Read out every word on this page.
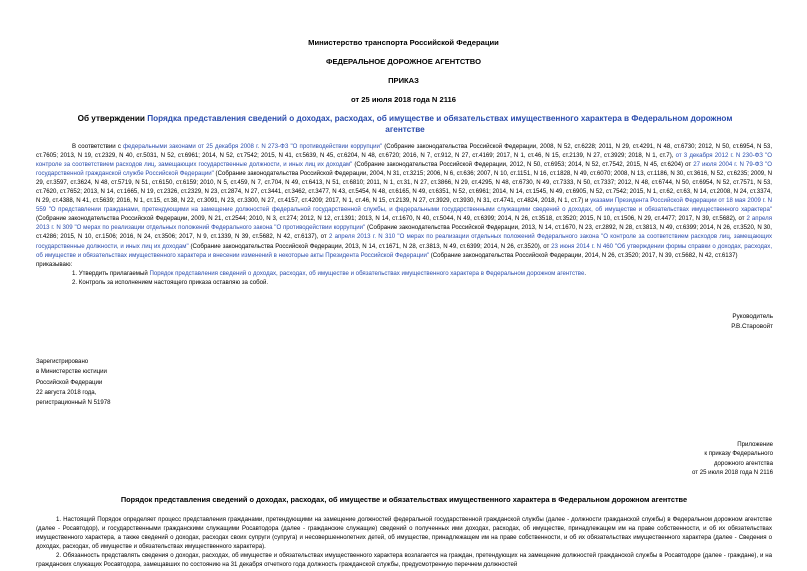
Министерство транспорта Российской Федерации
ФЕДЕРАЛЬНОЕ ДОРОЖНОЕ АГЕНТСТВО
ПРИКАЗ
от 25 июля 2018 года N 2116
Об утверждении Порядка представления сведений о доходах, расходах, об имуществе и обязательствах имущественного характера в Федеральном дорожном агентстве

В соответствии с федеральными законами от 25 декабря 2008 г. N 273-ФЗ "О противодействии коррупции" (Собрание законодательства Российской Федерации, 2008, N 52, ст.6228; 2011, N 29, ст.4291, N 48, ст.6730; 2012, N 50, ст.6954, N 53, ст.7605; 2013, N 19, ст.2329, N 40, ст.5031, N 52, ст.6961; 2014, N 52, ст.7542; 2015, N 41, ст.5639, N 45, ст.6204, N 48, ст.6720; 2016, N 7, ст.912, N 27, ст.4169; 2017, N 1, ст.46, N 15, ст.2139, N 27, ст.3929; 2018, N 1, ст.7), от 3 декабря 2012 г. N 230-ФЗ "О контроле за соответствием расходов лиц, замещающих государственные должности, и иных лиц их доходам" (Собрание законодательства Российской Федерации, 2012, N 50, ст.6953; 2014, N 52, ст.7542, 2015, N 45, ст.6204) от 27 июля 2004 г. N 79-ФЗ "О государственной гражданской службе Российской Федерации" (Собрание законодательства Российской Федерации, 2004, N 31, ст.3215; 2006, N 6, ст.636; 2007, N 10, ст.1151, N 16, ст.1828, N 49, ст.6070; 2008, N 13, ст.1186, N 30, ст.3616, N 52, ст.6235; 2009, N 29, ст.3597, ст.3624, N 48, ст.5719, N 51, ст.6150, ст.6159; 2010, N 5, ст.459, N 7, ст.704, N 49, ст.6413, N 51, ст.6810; 2011, N 1, ст.31, N 27, ст.3866, N 29, ст.4295, N 48, ст.6730, N 49, ст.7333, N 50, ст.7337; 2012, N 48, ст.6744, N 50, ст.6954, N 52, ст.7571, N 53, ст.7620, ст.7652; 2013, N 14, ст.1665, N 19, ст.2326, ст.2329, N 23, ст.2874, N 27, ст.3441, ст.3462, ст.3477, N 43, ст.5454, N 48, ст.6165, N 49, ст.6351, N 52, ст.6961; 2014, N 14, ст.1545, N 49, ст.6905, N 52, ст.7542; 2015, N 1, ст.62, ст.63, N 14, ст.2008, N 24, ст.3374, N 29, ст.4388, N 41, ст.5639; 2016, N 1, ст.15, ст.38, N 22, ст.3091, N 23, ст.3300, N 27, ст.4157, ст.4209; 2017, N 1, ст.46, N 15, ст.2139, N 27, ст.3929, ст.3930, N 31, ст.4741, ст.4824, 2018, N 1, ст.7) и указами Президента Российской Федерации от 18 мая 2009 г. N 559 "О представлении гражданами, претендующими на замещение должностей федеральной государственной службы, и федеральными государственными служащими сведений о доходах, об имуществе и обязательствах имущественного характера" (Собрание законодательства Российской Федерации, 2009, N 21, ст.2544; 2010, N 3, ст.274; 2012, N 12, ст.1391; 2013, N 14, ст.1670, N 40, ст.5044, N 49, ст.6399; 2014, N 26, ст.3518, ст.3520; 2015, N 10, ст.1506, N 29, ст.4477; 2017, N 39, ст.5682), от 2 апреля 2013 г. N 309 "О мерах по реализации отдельных положений Федерального закона "О противодействии коррупции" (Собрание законодательства Российской Федерации, 2013, N 14, ст.1670, N 23, ст.2892, N 28, ст.3813, N 49, ст.6399; 2014, N 26, ст.3520, N 30, ст.4286; 2015, N 10, ст.1506; 2016, N 24, ст.3506; 2017, N 9, ст.1339, N 39, ст.5682, N 42, ст.6137), от 2 апреля 2013 г. N 310 "О мерах по реализации отдельных положений Федерального закона "О контроле за соответствием расходов лиц, замещающих государственные должности, и иных лиц их доходам" (Собрание законодательства Российской Федерации, 2013, N 14, ст.1671, N 28, ст.3813, N 49, ст.6399; 2014, N 26, ст.3520), от 23 июня 2014 г. N 460 "Об утверждении формы справки о доходах, расходах, об имуществе и обязательствах имущественного характера и внесении изменений в некоторые акты Президента Российской Федерации" (Собрание законодательства Российской Федерации, 2014, N 26, ст.3520; 2017, N 39, ст.5682, N 42, ст.6137)

приказываю:

1. Утвердить прилагаемый Порядок представления сведений о доходах, расходах, об имуществе и обязательствах имущественного характера в Федеральном дорожном агентстве.

2. Контроль за исполнением настоящего приказа оставляю за собой.

Руководитель
Р.В.Старовойт
Зарегистрировано
в Министерстве юстиции
Российской Федерации
22 августа 2018 года,
регистрационный N 51978
Приложение
к приказу Федерального
дорожного агентства
от 25 июля 2018 года N 2116
Порядок представления сведений о доходах, расходах, об имуществе и обязательствах имущественного характера в Федеральном дорожном агентстве

1. Настоящий Порядок определяет процесс представления гражданами, претендующими на замещение должностей федеральной государственной гражданской службы (далее - должности гражданской службы) в Федеральном дорожном агентстве (далее - Росавтодор), и государственными гражданскими служащими Росавтодора (далее - гражданские служащие) сведений о полученных ими доходах, расходах, об имуществе, принадлежащем им на праве собственности, и об их обязательствах имущественного характера, а также сведений о доходах, расходах своих супруги (супруга) и несовершеннолетних детей, об имуществе, принадлежащем им на праве собственности, и об их обязательствах имущественного характера (далее - Сведения о доходах, расходах, об имуществе и обязательствах имущественного характера).

2. Обязанность представлять сведения о доходах, расходах, об имуществе и обязательствах имущественного характера возлагается на граждан, претендующих на замещение должностей гражданской службы в Росавтодоре (далее - граждане), и на гражданских служащих Росавтодора, замещавших по состоянию на 31 декабря отчетного года должность гражданской службы, предусмотренную перечнем должностей
